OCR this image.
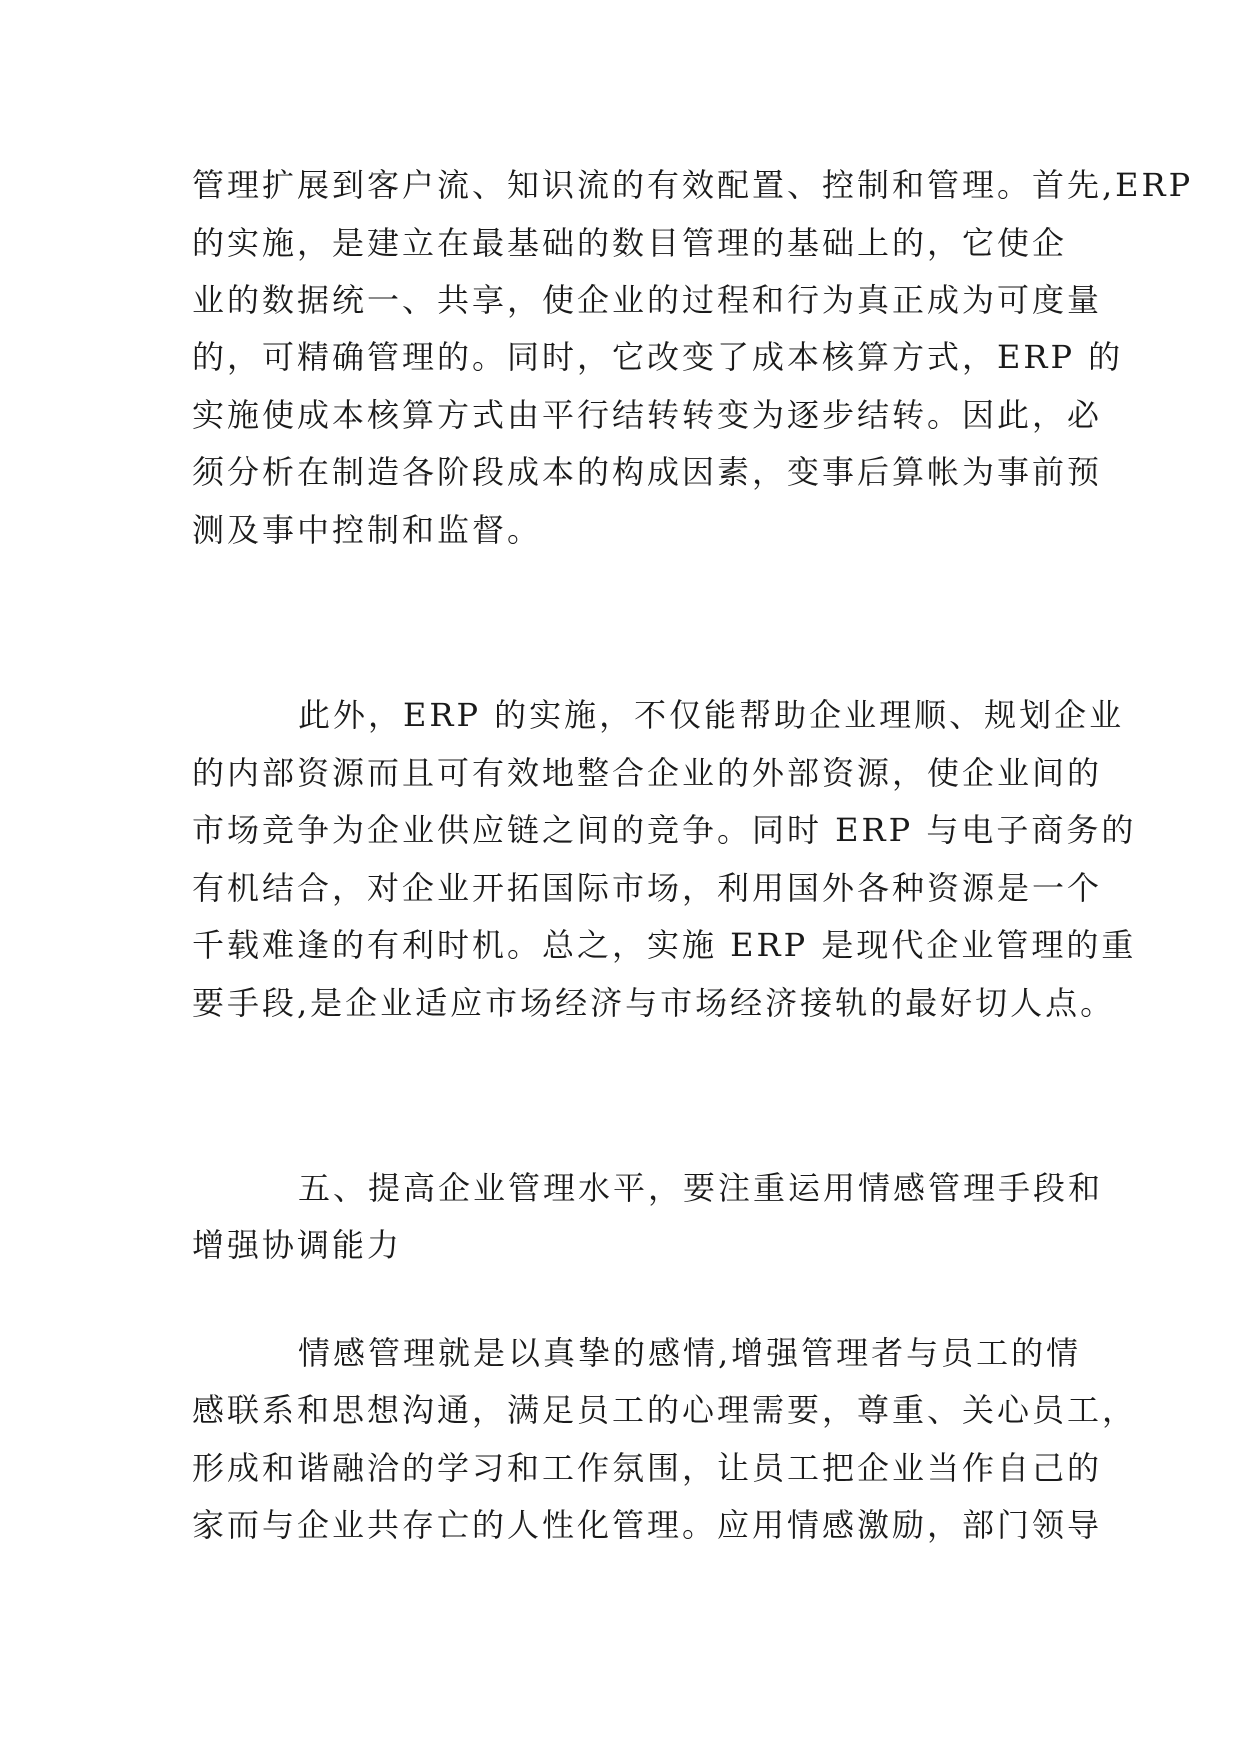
管理扩展到客户流、知识流的有效配置、控制和管理。首先,ERP
的实施，是建立在最基础的数目管理的基础上的，它使企
业的数据统一、共享，使企业的过程和行为真正成为可度量
的，可精确管理的。同时，它改变了成本核算方式，ERP 的
实施使成本核算方式由平行结转转变为逐步结转。因此，必
须分析在制造各阶段成本的构成因素，变事后算帐为事前预
测及事中控制和监督。
此外，ERP 的实施，不仅能帮助企业理顺、规划企业
的内部资源而且可有效地整合企业的外部资源，使企业间的
市场竞争为企业供应链之间的竞争。同时 ERP 与电子商务的
有机结合，对企业开拓国际市场，利用国外各种资源是一个
千载难逢的有利时机。总之，实施 ERP 是现代企业管理的重
要手段,是企业适应市场经济与市场经济接轨的最好切人点。
五、提高企业管理水平，要注重运用情感管理手段和
增强协调能力
情感管理就是以真挚的感情,增强管理者与员工的情
感联系和思想沟通，满足员工的心理需要，尊重、关心员工，
形成和谐融洽的学习和工作氛围，让员工把企业当作自己的
家而与企业共存亡的人性化管理。应用情感激励，部门领导
